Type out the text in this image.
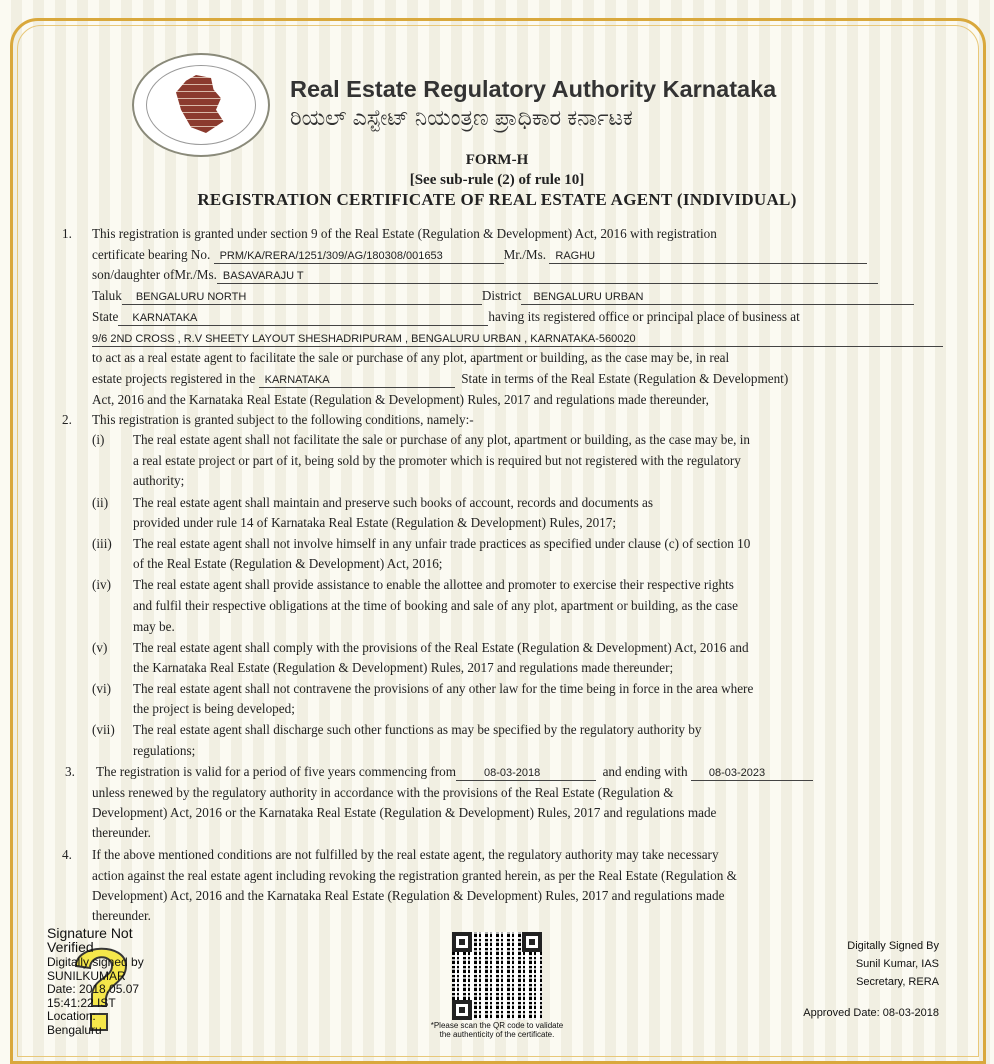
Real Estate Regulatory Authority Karnataka
ರಿಯಲ್ ಎಸ್ಟೇಟ್ ನಿಯಂತ್ರಣ ಪ್ರಾಧಿಕಾರ ಕರ್ನಾಟಕ
FORM-H
[See sub-rule (2) of rule 10]
REGISTRATION CERTIFICATE OF REAL ESTATE AGENT (INDIVIDUAL)
1. This registration is granted under section 9 of the Real Estate (Regulation & Development) Act, 2016 with registration
certificate bearing No. PRM/KA/RERA/1251/309/AG/180308/001653	Mr./Ms. RAGHU
son/daughter ofMr./Ms. BASAVARAJU T
Taluk BENGALURU NORTH	District BENGALURU URBAN
State KARNATAKA	having its registered office or principal place of business at
9/6 2ND CROSS , R.V SHEETY LAYOUT SHESHADRIPURAM , BENGALURU URBAN , KARNATAKA-560020
to act as a real estate agent to facilitate the sale or purchase of any plot, apartment or building, as the case may be, in real
estate projects registered in the KARNATAKA	State in terms of the Real Estate (Regulation & Development)
Act, 2016 and the Karnataka Real Estate (Regulation & Development) Rules, 2017 and regulations made thereunder,
2. This registration is granted subject to the following conditions, namely:-
(i) The real estate agent shall not facilitate the sale or purchase of any plot, apartment or building, as the case may be, in
a real estate project or part of it, being sold by the promoter which is required but not registered with the regulatory
authority;
(ii) The real estate agent shall maintain and preserve such books of account, records and documents as
provided under rule 14 of Karnataka Real Estate (Regulation & Development) Rules, 2017;
(iii) The real estate agent shall not involve himself in any unfair trade practices as specified under clause (c) of section 10
of the Real Estate (Regulation & Development) Act, 2016;
(iv) The real estate agent shall provide assistance to enable the allottee and promoter to exercise their respective rights
and fulfil their respective obligations at the time of booking and sale of any plot, apartment or building, as the case
may be.
(v) The real estate agent shall comply with the provisions of the Real Estate (Regulation & Development) Act, 2016 and
the Karnataka Real Estate (Regulation & Development) Rules, 2017 and regulations made thereunder;
(vi) The real estate agent shall not contravene the provisions of any other law for the time being in force in the area where
the project is being developed;
(vii) The real estate agent shall discharge such other functions as may be specified by the regulatory authority by
regulations;
3. The registration is valid for a period of five years commencing from	08-03-2018	and ending with 08-03-2023
unless renewed by the regulatory authority in accordance with the provisions of the Real Estate (Regulation &
Development) Act, 2016 or the Karnataka Real Estate (Regulation & Development) Rules, 2017 and regulations made
thereunder.
4. If the above mentioned conditions are not fulfilled by the real estate agent, the regulatory authority may take necessary
action against the real estate agent including revoking the registration granted herein, as per the Real Estate (Regulation &
Development) Act, 2016 and the Karnataka Real Estate (Regulation & Development) Rules, 2017 and regulations made
thereunder.
Signature Not
Verified
Digitally signed by
SUNILKUMAR
Date: 2018.05.07
15:41:22 IST
Location:
Bengaluru	*Please scan the QR code to validate
the authenticity of the certificate.
Digitally Signed By
Sunil Kumar, IAS
Secretary, RERA
Approved Date: 08-03-2018
